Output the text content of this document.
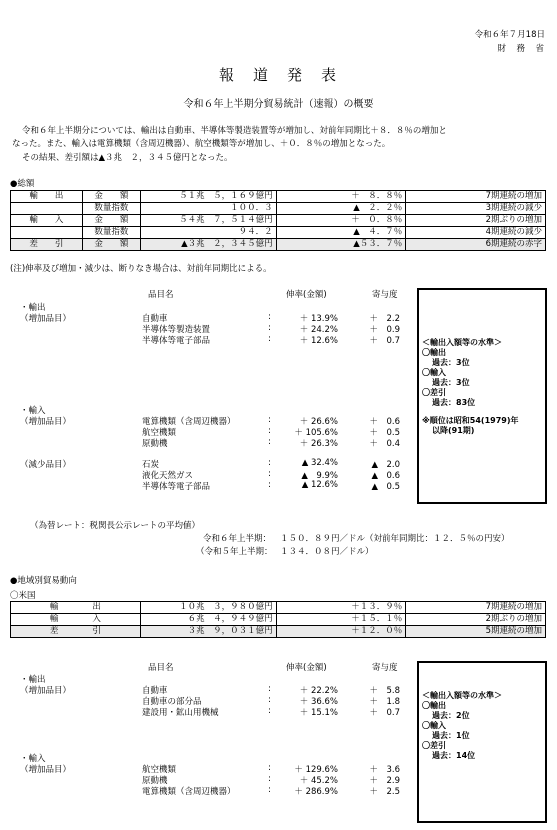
令和６年７月18日
財　務　省
報　道　発　表
令和６年上半期分貿易統計（速報）の概要
令和６年上半期分については、輸出は自動車、半導体等製造装置等が増加し、対前年同期比＋８．８％の増加と
なった。また、輸入は電算機類（含周辺機器）、航空機類等が増加し、＋０．８％の増加となった。
その結果、差引額は▲３兆　２，３４５億円となった。
●総額
輸　　出	金　　額	５１兆　５，１６９億円	＋　 ８．８％	7期連続の増加
	数量指数	１００．３	▲　 ２．２％	3期連続の減少
輸　　入	金　　額	５４兆　７，５１４億円	＋　 ０．８％	2期ぶりの増加
	数量指数	９４．２	▲　 ４．７％	4期連続の減少
差　　引	金　　額	▲３兆　２，３４５億円	▲５３．７％	6期連続の赤字
(注)伸率及び増加・減少は、断りなき場合は、対前年同期比による。
品目名	伸率(金額)	寄与度
・輸出
（増加品目）	自動車	:	＋ 13.9%	＋　2.2
半導体等製造装置	:	＋ 24.2%	＋　0.9
半導体等電子部品	:	＋ 12.6%	＋　0.7
・輸入
（増加品目）	電算機類（含周辺機器）	:	＋ 26.6%	＋　0.6
航空機類	:	＋ 105.6%	＋　0.5
原動機	:	＋ 26.3%	＋　0.4
（減少品目）	石炭	:	▲ 32.4%	▲　2.0
液化天然ガス	:	▲　9.9%	▲　0.6
半導体等電子部品	:	▲ 12.6%	▲　0.5
＜輸出入額等の水準＞
〇輸出
過去：3位
〇輸入
過去：3位
〇差引
過去：83位
※順位は昭和54(1979)年
以降(91期)
（為替レート：税関長公示レートの平均値）
令和６年上半期： １５０．８９円／ドル（対前年同期比：１２．５％の円安）
（令和５年上半期： １３４．０８円／ドル）
●地域別貿易動向
〇米国
輸　　　　出	１０兆　３，９８０億円	＋１３．９％	7期連続の増加
輸　　　　入	６兆　４，９４９億円	＋１５．１％	2期ぶりの増加
差　　　　引	３兆　９，０３１億円	＋１２．０％	5期連続の増加
品目名	伸率(金額)	寄与度
・輸出
（増加品目）	自動車	:	＋ 22.2%	＋　5.8
自動車の部分品	:	＋ 36.6%	＋　1.8
建設用・鉱山用機械	:	＋ 15.1%	＋　0.7
・輸入
（増加品目）	航空機類	:	＋ 129.6%	＋　3.6
原動機	:	＋ 45.2%	＋　2.9
電算機類（含周辺機器）	:	＋ 286.9%	＋　2.5
＜輸出入額等の水準＞
〇輸出
過去：2位
〇輸入
過去：1位
〇差引
過去：14位
